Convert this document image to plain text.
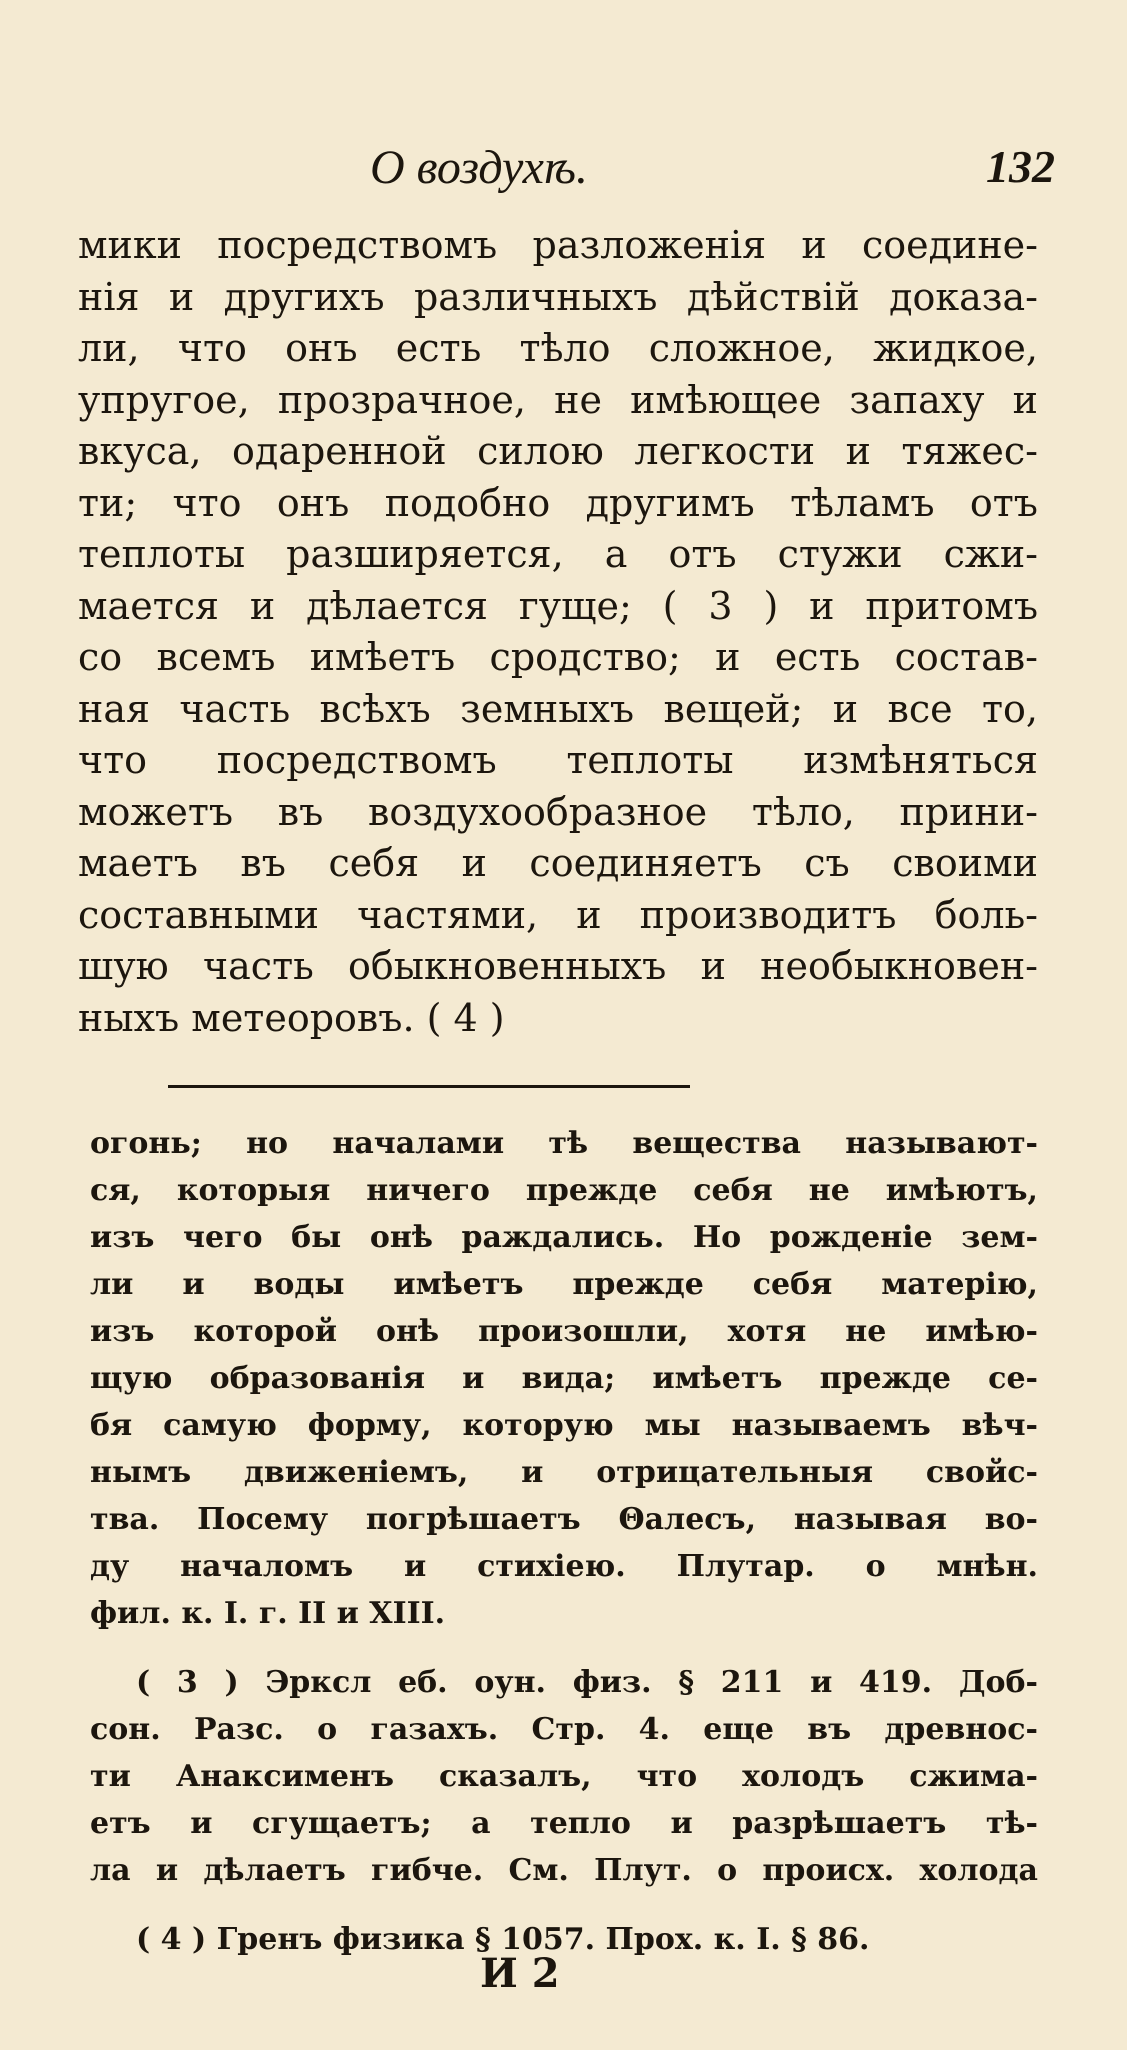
О воздухѣ.	132
мики посредствомъ разложенія и соедине-
нія и другихъ различныхъ дѣйствій доказа-
ли, что онъ есть тѣло сложное, жидкое,
упругое, прозрачное, не имѣющее запаху и
вкуса, одаренной силою легкости и тяжес-
ти; что онъ подобно другимъ тѣламъ отъ
теплоты разширяется, а отъ стужи сжи-
мается и дѣлается гуще; ( 3 ) и притомъ
со всемъ имѣетъ сродство; и есть состав-
ная часть всѣхъ земныхъ вещей; и все то,
что посредствомъ теплоты измѣняться
можетъ въ воздухообразное тѣло, прини-
маетъ въ себя и соединяетъ съ своими
составными частями, и производитъ боль-
шую часть обыкновенныхъ и необыкновен-
ныхъ метеоровъ. ( 4 )
огонь; но началами тѣ вещества называют-
ся, которыя ничего прежде себя не имѣютъ,
изъ чего бы онѣ раждались. Но рожденіе зем-
ли и воды имѣетъ прежде себя матерію,
изъ которой онѣ произошли, хотя не имѣю-
щую образованія и вида; имѣетъ прежде се-
бя самую форму, которую мы называемъ вѣч-
нымъ движеніемъ, и отрицательныя свойс-
тва. Посему погрѣшаетъ Θалесъ, называя во-
ду началомъ и стихіею. Плутар. о мнѣн.
фил. к. I. г. II и XIII.
( 3 ) Эрксл еб. оун. физ. § 211 и 419. Доб-
сон. Разс. о газахъ. Стр. 4. еще въ древнос-
ти Анаксименъ сказалъ, что холодъ сжима-
етъ и сгущаетъ; а тепло и разрѣшаетъ тѣ-
ла и дѣлаетъ гибче. См. Плут. о происх. холода
( 4 ) Гренъ физика § 1057. Прох. к. I. § 86.
И 2
